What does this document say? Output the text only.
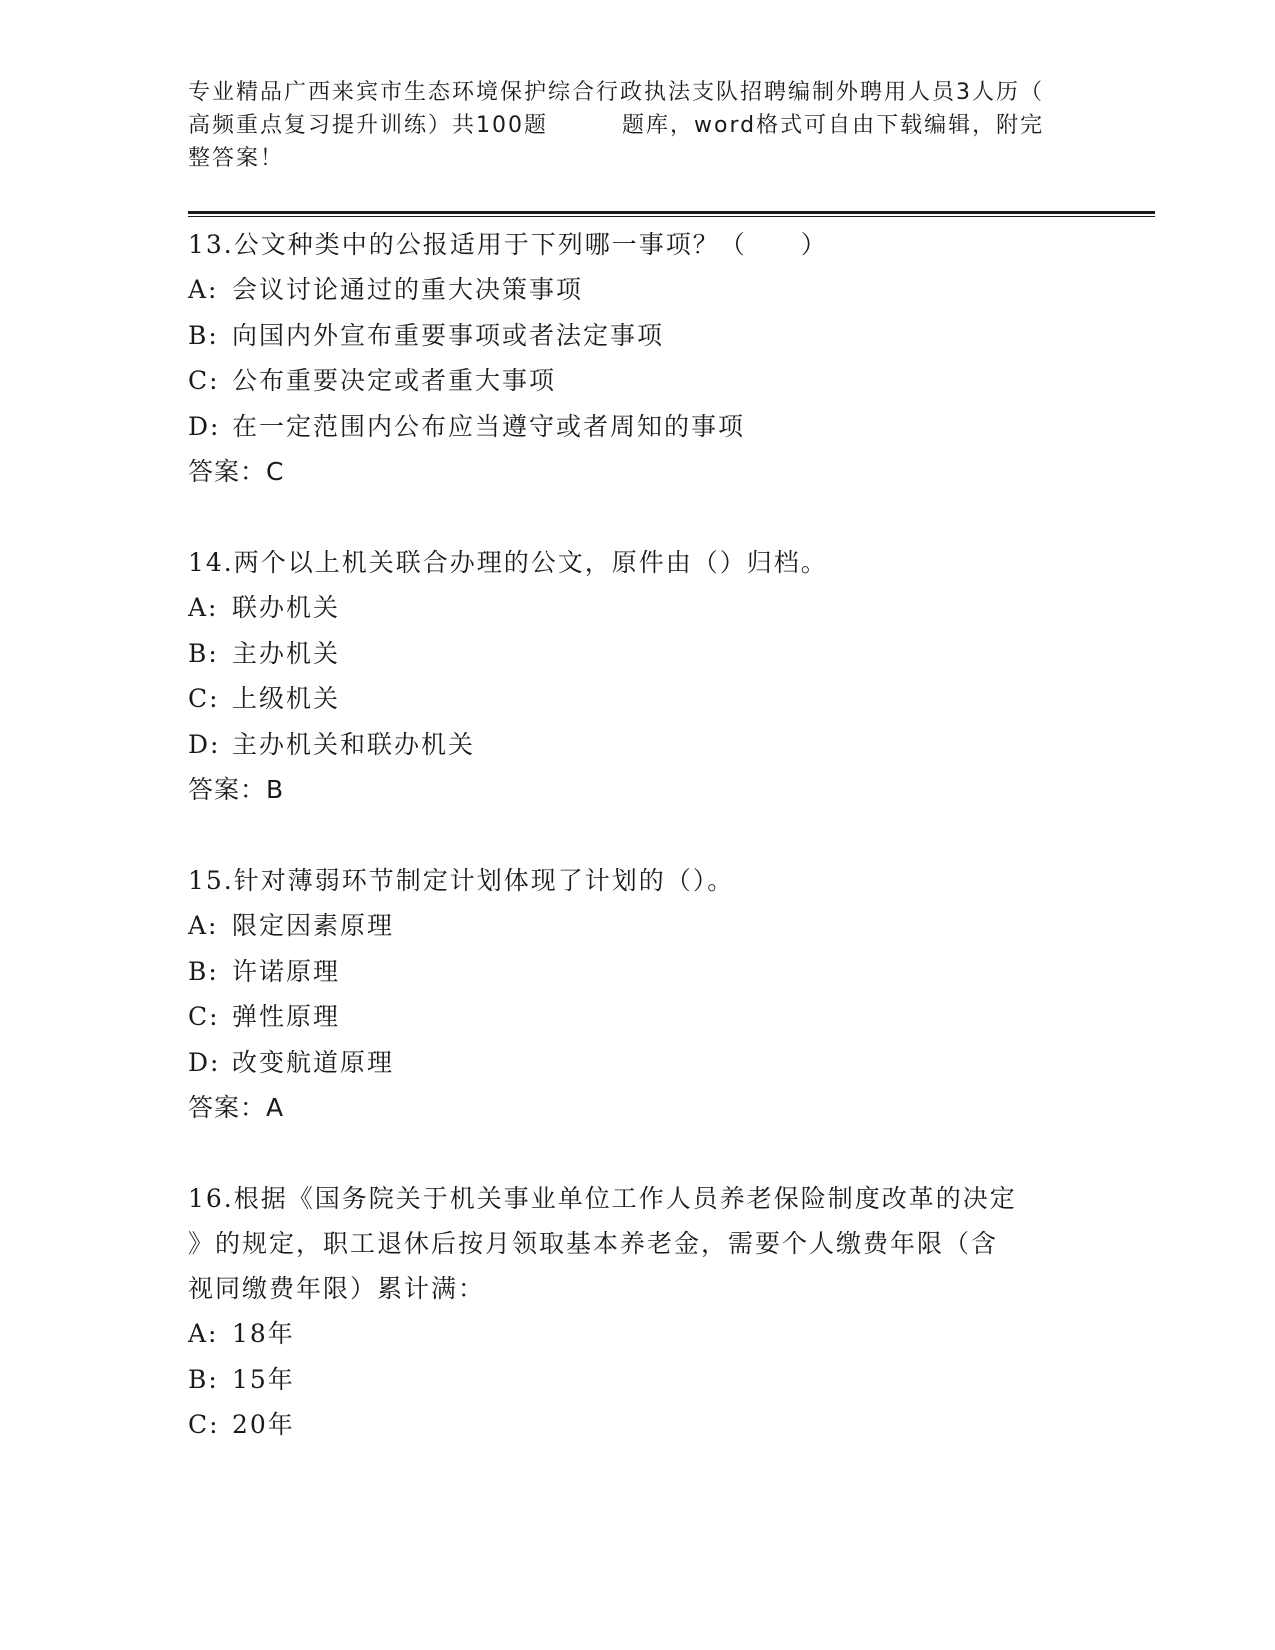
专业精品广西来宾市生态环境保护综合行政执法支队招聘编制外聘用人员3人历（
高频重点复习提升训练）共100题	题库，word格式可自由下载编辑，附完
整答案！
13.公文种类中的公报适用于下列哪一事项？（　　）
A: 会议讨论通过的重大决策事项
B: 向国内外宣布重要事项或者法定事项
C: 公布重要决定或者重大事项
D: 在一定范围内公布应当遵守或者周知的事项
答案：C
14.两个以上机关联合办理的公文，原件由（）归档。
A: 联办机关
B: 主办机关
C: 上级机关
D: 主办机关和联办机关
答案：B
15.针对薄弱环节制定计划体现了计划的（）。
A: 限定因素原理
B: 许诺原理
C: 弹性原理
D: 改变航道原理
答案：A
16.根据《国务院关于机关事业单位工作人员养老保险制度改革的决定
》的规定，职工退休后按月领取基本养老金，需要个人缴费年限（含
视同缴费年限）累计满：
A: 18年
B: 15年
C: 20年
